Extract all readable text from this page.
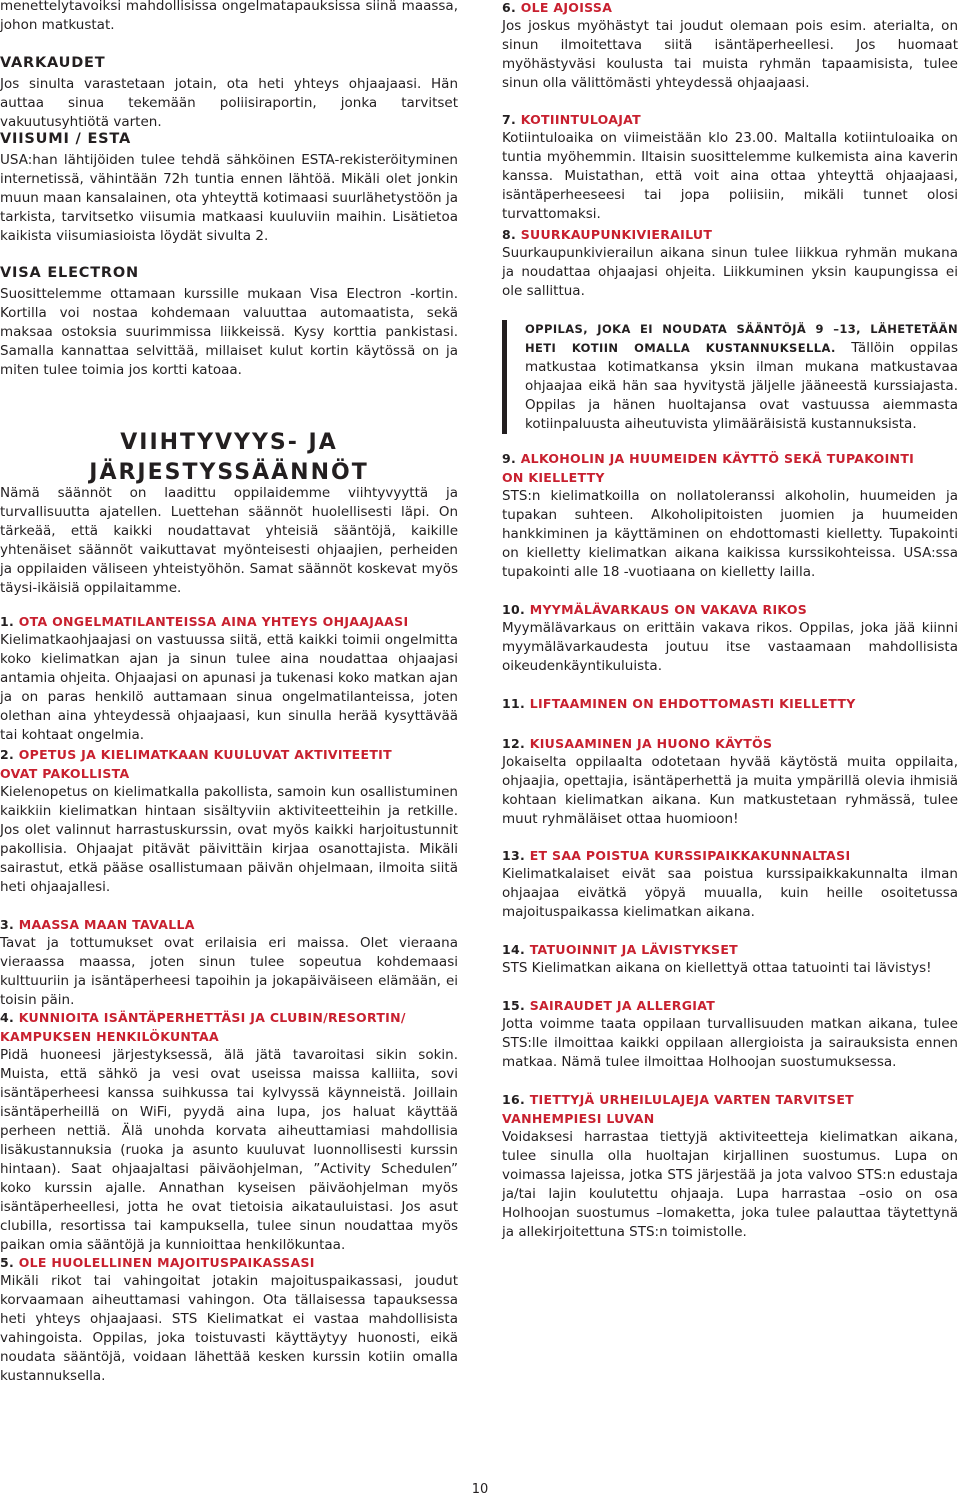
menettelytavoiksi mahdollisissa ongelmatapauksissa siinä maassa, johon matkustat.

VARKAUDET

Jos sinulta varastetaan jotain, ota heti yhteys ohjaajaasi. Hän auttaa sinua tekemään poliisiraportin, jonka tarvitset vakuutusyhtiötä varten.

VIISUMI / ESTA

USA:han lähtijöiden tulee tehdä sähköinen ESTA-rekisteröityminen internetissä, vähintään 72h tuntia ennen lähtöä. Mikäli olet jonkin muun maan kansalainen, ota yhteyttä kotimaasi suurlähetystöön ja tarkista, tarvitsetko viisumia matkaasi kuuluviin maihin. Lisätietoa kaikista viisumiasioista löydät sivulta 2.

VISA ELECTRON

Suosittelemme ottamaan kurssille mukaan Visa Electron -kortin. Kortilla voi nostaa kohdemaan valuuttaa automaatista, sekä maksaa ostoksia suurimmissa liikkeissä. Kysy korttia pankistasi. Samalla kannattaa selvittää, millaiset kulut kortin käytössä on ja miten tulee toimia jos kortti katoaa.

VIIHTYVYYS- JA
JÄRJESTYSSÄÄNNÖT

Nämä säännöt on laadittu oppilaidemme viihtyvyyttä ja turvallisuutta ajatellen. Luettehan säännöt huolellisesti läpi. On tärkeää, että kaikki noudattavat yhteisiä sääntöjä, kaikille yhtenäiset säännöt vaikuttavat myönteisesti ohjaajien, perheiden ja oppilaiden väliseen yhteistyöhön. Samat säännöt koskevat myös täysi-ikäisiä oppilaitamme.

1. OTA ONGELMATILANTEISSA AINA YHTEYS OHJAAJAASI

Kielimatkaohjaajasi on vastuussa siitä, että kaikki toimii ongelmitta koko kielimatkan ajan ja sinun tulee aina noudattaa ohjaajasi antamia ohjeita. Ohjaajasi on apunasi ja tukenasi koko matkan ajan ja on paras henkilö auttamaan sinua ongelmatilanteissa, joten olethan aina yhteydessä ohjaajaasi, kun sinulla herää kysyttävää tai kohtaat ongelmia.

2. OPETUS JA KIELIMATKAAN KUULUVAT AKTIVITEETIT
OVAT PAKOLLISTA

Kielenopetus on kielimatkalla pakollista, samoin kun osallistuminen kaikkiin kielimatkan hintaan sisältyviin aktiviteetteihin ja retkille. Jos olet valinnut harrastuskurssin, ovat myös kaikki harjoitustunnit pakollisia. Ohjaajat pitävät päivittäin kirjaa osanottajista. Mikäli sairastut, etkä pääse osallistumaan päivän ohjelmaan, ilmoita siitä heti ohjaajallesi.

3. MAASSA MAAN TAVALLA

Tavat ja tottumukset ovat erilaisia eri maissa. Olet vieraana vieraassa maassa, joten sinun tulee sopeutua kohdemaasi kulttuuriin ja isäntäperheesi tapoihin ja jokapäiväiseen elämään, ei toisin päin.

4. KUNNIOITA ISÄNTÄPERHETTÄSI JA CLUBIN/RESORTIN/
KAMPUKSEN HENKILÖKUNTAA

Pidä huoneesi järjestyksessä, älä jätä tavaroitasi sikin sokin. Muista, että sähkö ja vesi ovat useissa maissa kalliita, sovi isäntäperheesi kanssa suihkussa tai kylvyssä käynneistä. Joillain isäntäperheillä on WiFi, pyydä aina lupa, jos haluat käyttää perheen nettiä. Älä unohda korvata aiheuttamiasi mahdollisia lisäkustannuksia (ruoka ja asunto kuuluvat luonnollisesti kurssin hintaan). Saat ohjaajaltasi päiväohjelman, ”Activity Schedulen” koko kurssin ajalle. Annathan kyseisen päiväohjelman myös isäntäperheellesi, jotta he ovat tietoisia aikatauluistasi. Jos asut clubilla, resortissa tai kampuksella, tulee sinun noudattaa myös paikan omia sääntöjä ja kunnioittaa henkilökuntaa.

5. OLE HUOLELLINEN MAJOITUSPAIKASSASI

Mikäli rikot tai vahingoitat jotakin majoituspaikassasi, joudut korvaamaan aiheuttamasi vahingon. Ota tällaisessa tapauksessa heti yhteys ohjaajaasi. STS Kielimatkat ei vastaa mahdollisista vahingoista. Oppilas, joka toistuvasti käyttäytyy huonosti, eikä noudata sääntöjä, voidaan lähettää kesken kurssin kotiin omalla kustannuksella.

6. OLE AJOISSA

Jos joskus myöhästyt tai joudut olemaan pois esim. aterialta, on sinun ilmoitettava siitä isäntäperheellesi. Jos huomaat myöhästyväsi koulusta tai muista ryhmän tapaamisista, tulee sinun olla välittömästi yhteydessä ohjaajaasi.

7. KOTIINTULOAJAT

Kotiintuloaika on viimeistään klo 23.00. Maltalla kotiintuloaika on tuntia myöhemmin. Iltaisin suosittelemme kulkemista aina kaverin kanssa. Muistathan, että voit aina ottaa yhteyttä ohjaajaasi, isäntäperheeseesi tai jopa poliisiin, mikäli tunnet olosi turvattomaksi.

8. SUURKAUPUNKIVIERAILUT

Suurkaupunkivierailun aikana sinun tulee liikkua ryhmän mukana ja noudattaa ohjaajasi ohjeita. Liikkuminen yksin kaupungissa ei ole sallittua.

OPPILAS, JOKA EI NOUDATA SÄÄNTÖJÄ 9 –13, LÄHETETÄÄN HETI KOTIIN OMALLA KUSTANNUKSELLA. Tällöin oppilas matkustaa kotimatkansa yksin ilman mukana matkustavaa ohjaajaa eikä hän saa hyvitystä jäljelle jääneestä kurssiajasta. Oppilas ja hänen huoltajansa ovat vastuussa aiemmasta kotiinpaluusta aiheutuvista ylimääräisistä kustannuksista.

9. ALKOHOLIN JA HUUMEIDEN KÄYTTÖ SEKÄ TUPAKOINTI
ON KIELLETTY

STS:n kielimatkoilla on nollatoleranssi alkoholin, huumeiden ja tupakan suhteen. Alkoholipitoisten juomien ja huumeiden hankkiminen ja käyttäminen on ehdottomasti kielletty. Tupakointi on kielletty kielimatkan aikana kaikissa kurssikohteissa. USA:ssa tupakointi alle 18 -vuotiaana on kielletty lailla.

10. MYYMÄLÄVARKAUS ON VAKAVA RIKOS

Myymälävarkaus on erittäin vakava rikos. Oppilas, joka jää kiinni myymälävarkaudesta joutuu itse vastaamaan mahdollisista oikeudenkäyntikuluista.

11. LIFTAAMINEN ON EHDOTTOMASTI KIELLETTY
12. KIUSAAMINEN JA HUONO KÄYTÖS

Jokaiselta oppilaalta odotetaan hyvää käytöstä muita oppilaita, ohjaajia, opettajia, isäntäperhettä ja muita ympärillä olevia ihmisiä kohtaan kielimatkan aikana. Kun matkustetaan ryhmässä, tulee muut ryhmäläiset ottaa huomioon!

13. ET SAA POISTUA KURSSIPAIKKAKUNNALTASI

Kielimatkalaiset eivät saa poistua kurssipaikkakunnalta ilman ohjaajaa eivätkä yöpyä muualla, kuin heille osoitetussa majoituspaikassa kielimatkan aikana.

14. TATUOINNIT JA LÄVISTYKSET

STS Kielimatkan aikana on kiellettyä ottaa tatuointi tai lävistys!

15. SAIRAUDET JA ALLERGIAT

Jotta voimme taata oppilaan turvallisuuden matkan aikana, tulee STS:lle ilmoittaa kaikki oppilaan allergioista ja sairauksista ennen matkaa. Nämä tulee ilmoittaa Holhoojan suostumuksessa.

16. TIETTYJÄ URHEILULAJEJA VARTEN TARVITSET
VANHEMPIESI LUVAN

Voidaksesi harrastaa tiettyjä aktiviteetteja kielimatkan aikana, tulee sinulla olla huoltajan kirjallinen suostumus. Lupa on voimassa lajeissa, jotka STS järjestää ja jota valvoo STS:n edustaja ja/tai lajin koulutettu ohjaaja. Lupa harrastaa –osio on osa Holhoojan suostumus –lomaketta, joka tulee palauttaa täytettynä ja allekirjoitettuna STS:n toimistolle.

10
